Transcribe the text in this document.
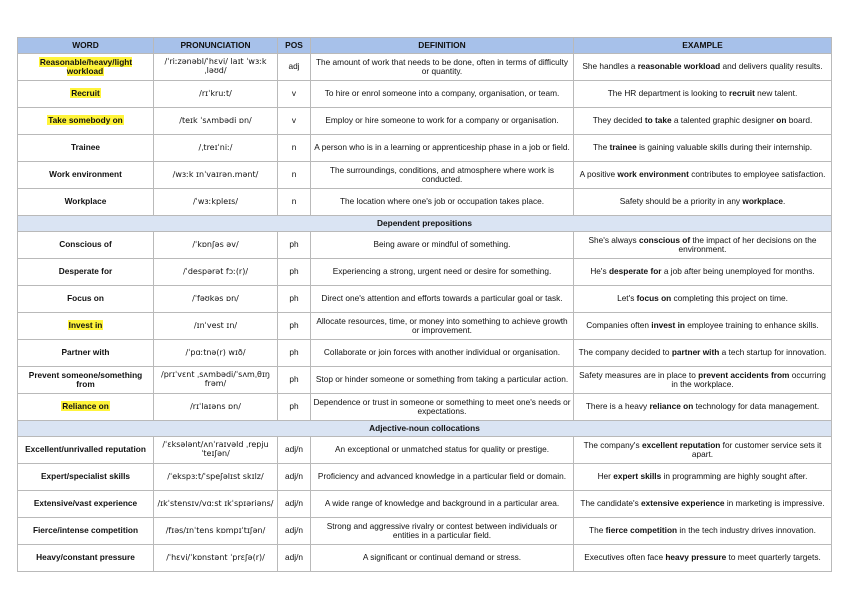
WORD	PRONUNCIATION	POS	DEFINITION	EXAMPLE
Reasonable/heavy/light workload	/ˈriːzənəbl/ˈhɛvi/ laɪt ˈwɜːkˌləʊd/	adj	The amount of work that needs to be done, often in terms of difficulty or quantity.	She handles a reasonable workload and delivers quality results.
Recruit	/rɪˈkruːt/	v	To hire or enrol someone into a company, organisation, or team.	The HR department is looking to recruit new talent.
Take somebody on	/teɪk ˈsʌmbədi ɒn/	v	Employ or hire someone to work for a company or organisation.	They decided to take a talented graphic designer on board.
Trainee	/ˌtreɪˈniː/	n	A person who is in a learning or apprenticeship phase in a job or field.	The trainee is gaining valuable skills during their internship.
Work environment	/wɜːk ɪnˈvaɪrən.mənt/	n	The surroundings, conditions, and atmosphere where work is conducted.	A positive work environment contributes to employee satisfaction.
Workplace	/ˈwɜːkpleɪs/	n	The location where one's job or occupation takes place.	Safety should be a priority in any workplace.
Dependent prepositions				
Conscious of	/ˈkɒnʃəs əv/	ph	Being aware or mindful of something.	She's always conscious of the impact of her decisions on the environment.
Desperate for	/ˈdespərət fɔː(r)/	ph	Experiencing a strong, urgent need or desire for something.	He's desperate for a job after being unemployed for months.
Focus on	/ˈfəʊkəs ɒn/	ph	Direct one's attention and efforts towards a particular goal or task.	Let's focus on completing this project on time.
Invest in	/ɪnˈvest ɪn/	ph	Allocate resources, time, or money into something to achieve growth or improvement.	Companies often invest in employee training to enhance skills.
Partner with	/ˈpɑːtnə(r) wɪð/	ph	Collaborate or join forces with another individual or organisation.	The company decided to partner with a tech startup for innovation.
Prevent someone/something from	/prɪˈvɛnt ˌsʌmbədi/ˈsʌmˌθɪŋ frəm/	ph	Stop or hinder someone or something from taking a particular action.	Safety measures are in place to prevent accidents from occurring in the workplace.
Reliance on	/rɪˈlaɪəns ɒn/	ph	Dependence or trust in someone or something to meet one's needs or expectations.	There is a heavy reliance on technology for data management.
Adjective-noun collocations				
Excellent/unrivalled reputation	/ˈɛksələnt/ʌnˈraɪvəld ˌrepjuˈteɪʃən/	adj/n	An exceptional or unmatched status for quality or prestige.	The company's excellent reputation for customer service sets it apart.
Expert/specialist skills	/ˈekspɜːt/ˈspeʃəlɪst skɪlz/	adj/n	Proficiency and advanced knowledge in a particular field or domain.	Her expert skills in programming are highly sought after.
Extensive/vast experience	/ɪkˈstensɪv/vɑːst ɪkˈspɪəriəns/	adj/n	A wide range of knowledge and background in a particular area.	The candidate's extensive experience in marketing is impressive.
Fierce/intense competition	/fɪəs/ɪnˈtens kɒmpɪˈtɪʃən/	adj/n	Strong and aggressive rivalry or contest between individuals or entities in a particular field.	The fierce competition in the tech industry drives innovation.
Heavy/constant pressure	/ˈhɛvi/ˈkɒnstənt ˈprɛʃə(r)/	adj/n	A significant or continual demand or stress.	Executives often face heavy pressure to meet quarterly targets.
